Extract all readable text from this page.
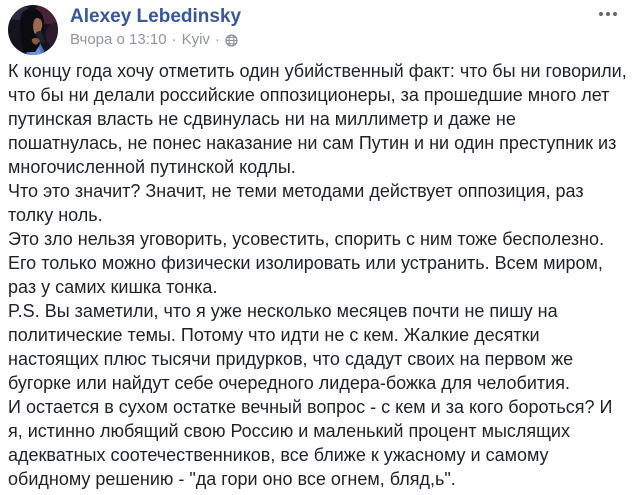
Alexey Lebedinsky
Вчора о 13:10 · Kyiv ·
К концу года хочу отметить один убийственный факт: что бы ни говорили, что бы ни делали российские оппозиционеры, за прошедшие много лет путинская власть не сдвинулась ни на миллиметр и даже не пошатнулась, не понес наказание ни сам Путин и ни один преступник из многочисленной путинской кодлы.
Что это значит? Значит, не теми методами действует оппозиция, раз толку ноль.
Это зло нельзя уговорить, усовестить, спорить с ним тоже бесполезно. Его только можно физически изолировать или устранить. Всем миром, раз у самих кишка тонка.
P.S. Вы заметили, что я уже несколько месяцев почти не пишу на политические темы. Потому что идти не с кем. Жалкие десятки настоящих плюс тысячи придурков, что сдадут своих на первом же бугорке или найдут себе очередного лидера-божка для челобития.
И остается в сухом остатке вечный вопрос - с кем и за кого бороться? И я, истинно любящий свою Россию и маленький процент мыслящих адекватных соотечественников, все ближе к ужасному и самому обидному решению - "да гори оно все огнем, бляд,ь".
